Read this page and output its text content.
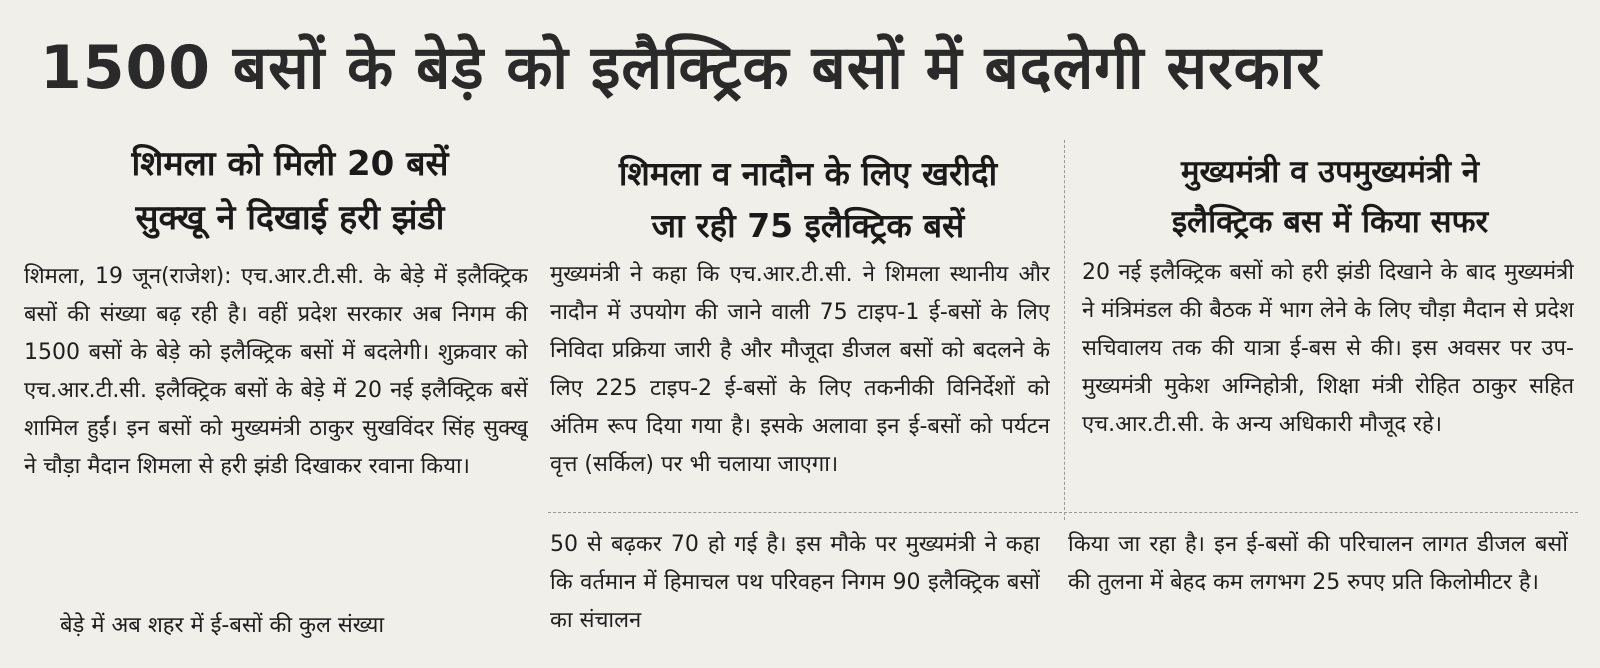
1500 बसों के बेड़े को इलैक्ट्रिक बसों में बदलेगी सरकार
शिमला को मिली 20 बसें
सुक्खू ने दिखाई हरी झंडी
शिमला, 19 जून(राजेश): एच.आर.टी.सी. के बेड़े में इलैक्ट्रिक बसों की संख्या बढ़ रही है। वहीं प्रदेश सरकार अब निगम की 1500 बसों के बेड़े को इलैक्ट्रिक बसों में बदलेगी। शुक्रवार को एच.आर.टी.सी. इलैक्ट्रिक बसों के बेड़े में 20 नई इलैक्ट्रिक बसें शामिल हुईं। इन बसों को मुख्यमंत्री ठाकुर सुखविंदर सिंह सुक्खू ने चौड़ा मैदान शिमला से हरी झंडी दिखाकर रवाना किया।
बेड़े में अब शहर में ई-बसों की कुल संख्या
शिमला व नादौन के लिए खरीदी
जा रही 75 इलैक्ट्रिक बसें
मुख्यमंत्री ने कहा कि एच.आर.टी.सी. ने शिमला स्थानीय और नादौन में उपयोग की जाने वाली 75 टाइप-1 ई-बसों के लिए निविदा प्रक्रिया जारी है और मौजूदा डीजल बसों को बदलने के लिए 225 टाइप-2 ई-बसों के लिए तकनीकी विनिर्देशों को अंतिम रूप दिया गया है। इसके अलावा इन ई-बसों को पर्यटन वृत्त (सर्किल) पर भी चलाया जाएगा।
50 से बढ़कर 70 हो गई है। इस मौके पर मुख्यमंत्री ने कहा कि वर्तमान में हिमाचल पथ परिवहन निगम 90 इलैक्ट्रिक बसों का संचालन
मुख्यमंत्री व उपमुख्यमंत्री ने
इलैक्ट्रिक बस में किया सफर
20 नई इलैक्ट्रिक बसों को हरी झंडी दिखाने के बाद मुख्यमंत्री ने मंत्रिमंडल की बैठक में भाग लेने के लिए चौड़ा मैदान से प्रदेश सचिवालय तक की यात्रा ई-बस से की। इस अवसर पर उप-मुख्यमंत्री मुकेश अग्निहोत्री, शिक्षा मंत्री रोहित ठाकुर सहित एच.आर.टी.सी. के अन्य अधिकारी मौजूद रहे।
किया जा रहा है। इन ई-बसों की परिचालन लागत डीजल बसों की तुलना में बेहद कम लगभग 25 रुपए प्रति किलोमीटर है।
